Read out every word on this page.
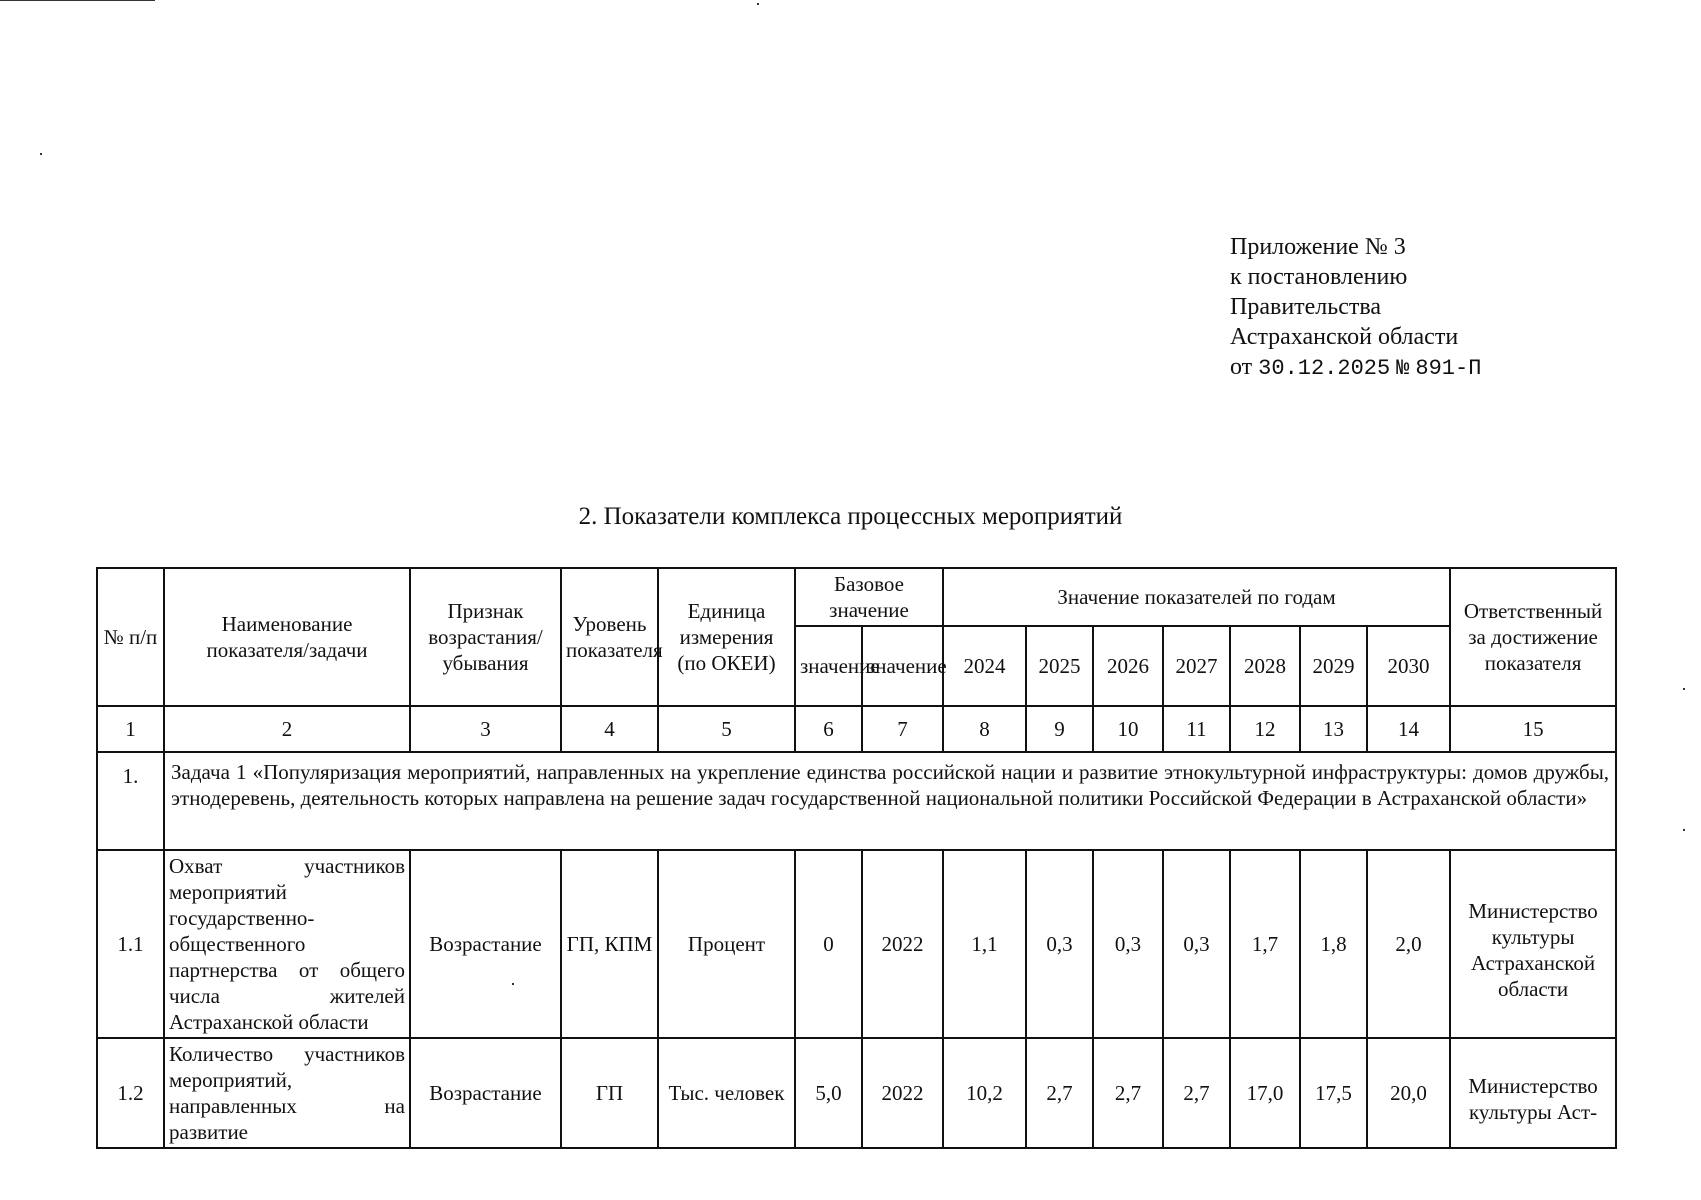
Приложение № 3
к постановлению
Правительства
Астраханской области
от 30.12.2025 № 891-П
2. Показатели комплекса процессных мероприятий
№ п/п	Наименование показателя/задачи	Признак возрастания/убывания	Уровень показателя	Единица измерения (по ОКЕИ)	Базовое значение		Значение показателей по годам							Ответственный за достижение показателя
					значение	значение	2024	2025	2026	2027	2028	2029	2030	
1	2	3	4	5	6	7	8	9	10	11	12	13	14	15
1.	Задача 1 «Популяризация мероприятий, направленных на укрепление единства российской нации и развитие этнокультурной инфраструктуры: домов дружбы, этнодеревень, деятельность которых направлена на решение задач государственной национальной политики Российской Федерации в Астраханской области»													
1.1	Охват участников мероприятий государственно-общественного партнерства от общего числа жителей Астраханской области	Возрастание	ГП, КПМ	Процент	0	2022	1,1	0,3	0,3	0,3	1,7	1,8	2,0	Министерство культуры Астраханской области
1.2	Количество участников мероприятий, направленных на развитие	Возрастание	ГП	Тыс. человек	5,0	2022	10,2	2,7	2,7	2,7	17,0	17,5	20,0	Министерство культуры Аст-
